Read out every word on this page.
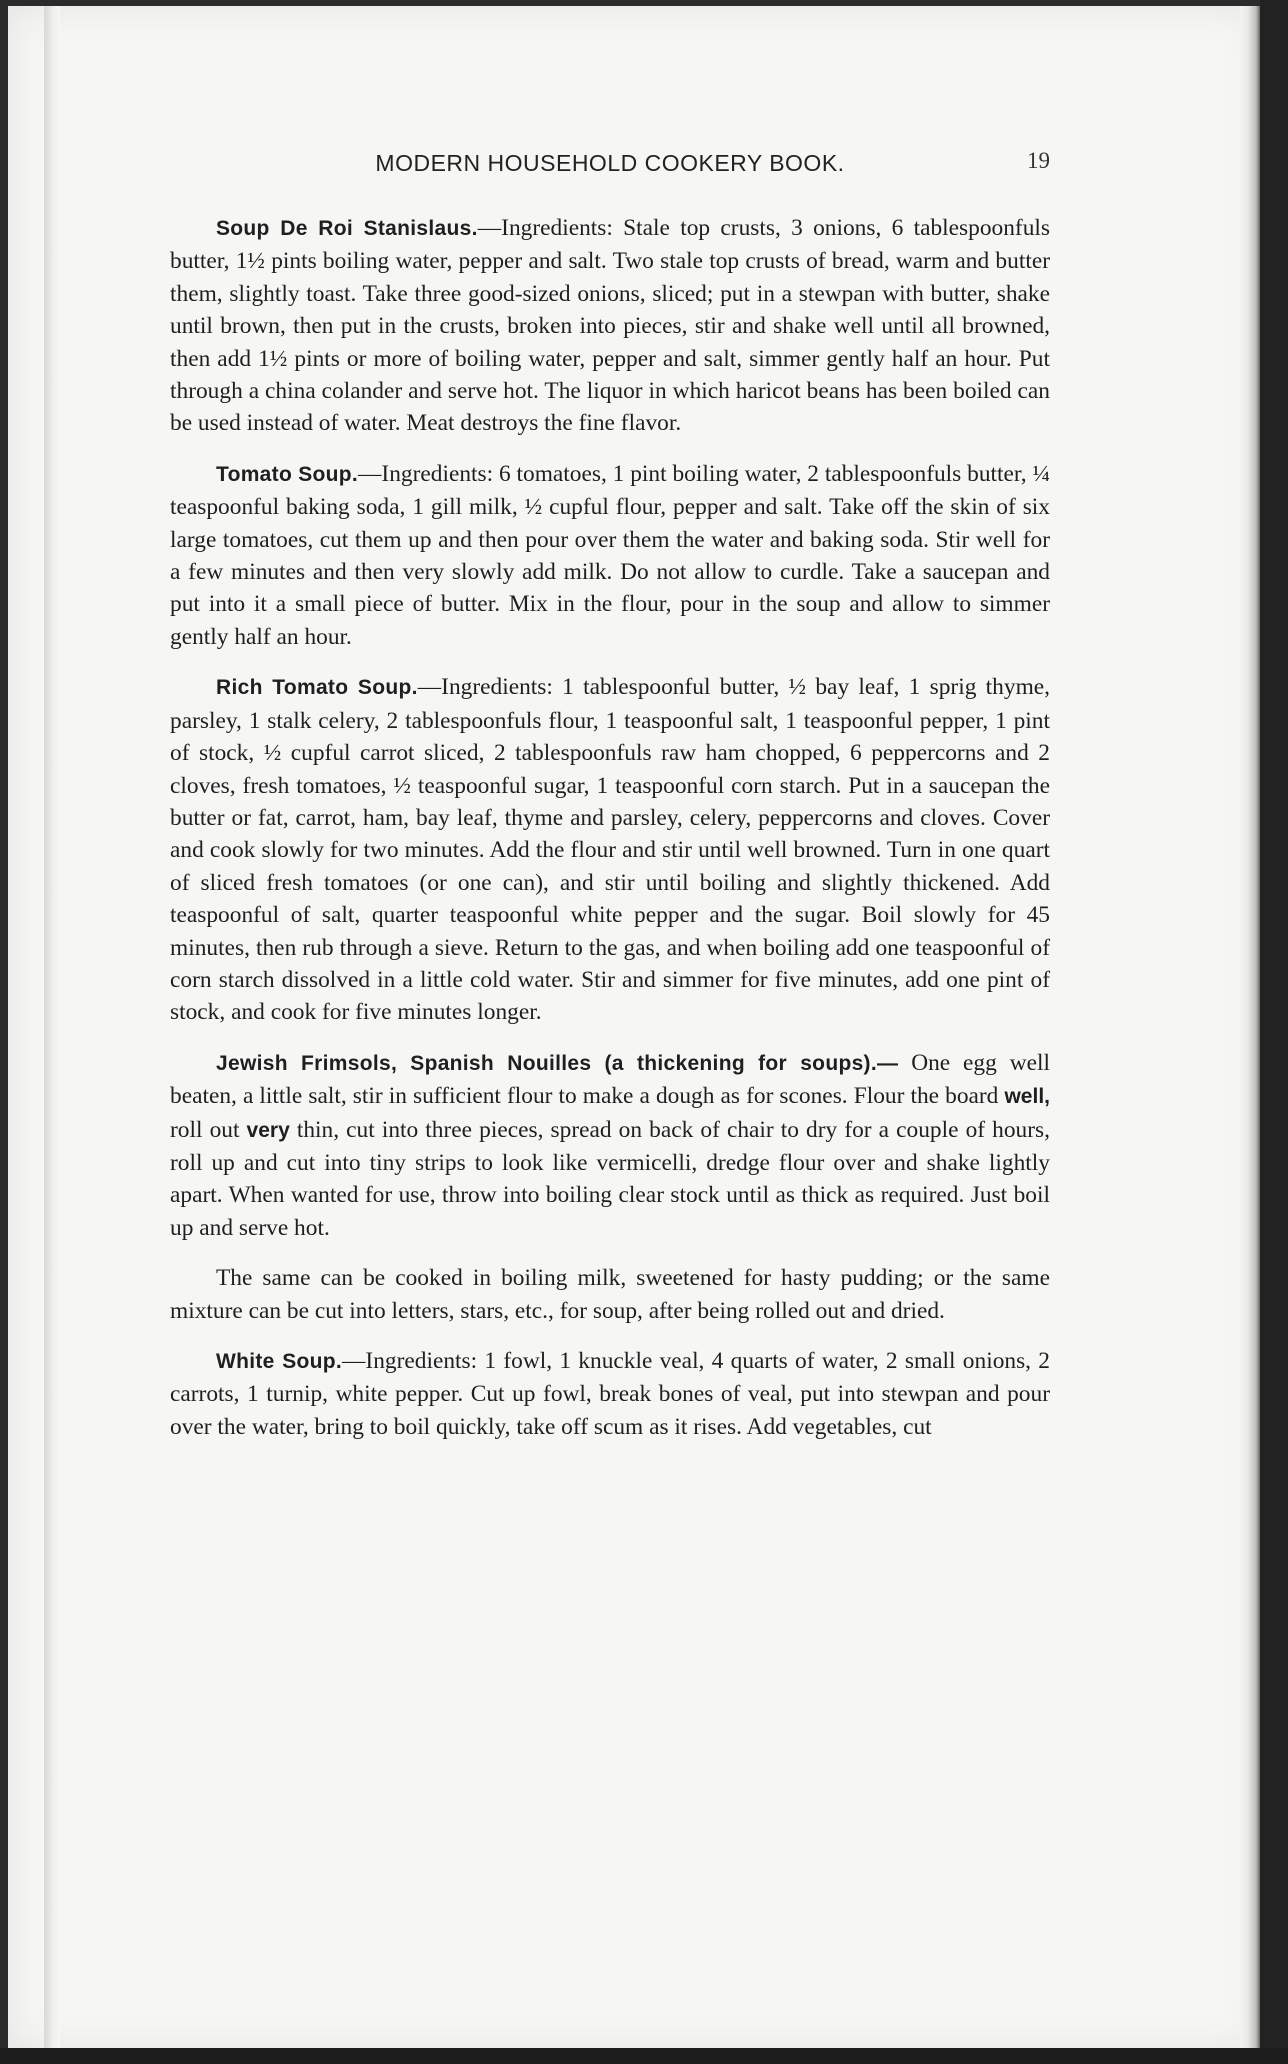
MODERN HOUSEHOLD COOKERY BOOK.	19

Soup De Roi Stanislaus.—Ingredients: Stale top crusts, 3 onions, 6 tablespoonfuls butter, 1½ pints boiling water, pepper and salt. Two stale top crusts of bread, warm and butter them, slightly toast. Take three good-sized onions, sliced; put in a stewpan with butter, shake until brown, then put in the crusts, broken into pieces, stir and shake well until all browned, then add 1½ pints or more of boiling water, pepper and salt, simmer gently half an hour. Put through a china colander and serve hot. The liquor in which haricot beans has been boiled can be used instead of water. Meat destroys the fine flavor.

Tomato Soup.—Ingredients: 6 tomatoes, 1 pint boiling water, 2 tablespoonfuls butter, ¼ teaspoonful baking soda, 1 gill milk, ½ cupful flour, pepper and salt. Take off the skin of six large tomatoes, cut them up and then pour over them the water and baking soda. Stir well for a few minutes and then very slowly add milk. Do not allow to curdle. Take a saucepan and put into it a small piece of butter. Mix in the flour, pour in the soup and allow to simmer gently half an hour.

Rich Tomato Soup.—Ingredients: 1 tablespoonful butter, ½ bay leaf, 1 sprig thyme, parsley, 1 stalk celery, 2 tablespoonfuls flour, 1 teaspoonful salt, 1 teaspoonful pepper, 1 pint of stock, ½ cupful carrot sliced, 2 tablespoonfuls raw ham chopped, 6 peppercorns and 2 cloves, fresh tomatoes, ½ teaspoonful sugar, 1 teaspoonful corn starch. Put in a saucepan the butter or fat, carrot, ham, bay leaf, thyme and parsley, celery, peppercorns and cloves. Cover and cook slowly for two minutes. Add the flour and stir until well browned. Turn in one quart of sliced fresh tomatoes (or one can), and stir until boiling and slightly thickened. Add teaspoonful of salt, quarter teaspoonful white pepper and the sugar. Boil slowly for 45 minutes, then rub through a sieve. Return to the gas, and when boiling add one teaspoonful of corn starch dissolved in a little cold water. Stir and simmer for five minutes, add one pint of stock, and cook for five minutes longer.

Jewish Frimsols, Spanish Nouilles (a thickening for soups).— One egg well beaten, a little salt, stir in sufficient flour to make a dough as for scones. Flour the board well, roll out very thin, cut into three pieces, spread on back of chair to dry for a couple of hours, roll up and cut into tiny strips to look like vermicelli, dredge flour over and shake lightly apart. When wanted for use, throw into boiling clear stock until as thick as required. Just boil up and serve hot.

The same can be cooked in boiling milk, sweetened for hasty pudding; or the same mixture can be cut into letters, stars, etc., for soup, after being rolled out and dried.

White Soup.—Ingredients: 1 fowl, 1 knuckle veal, 4 quarts of water, 2 small onions, 2 carrots, 1 turnip, white pepper. Cut up fowl, break bones of veal, put into stewpan and pour over the water, bring to boil quickly, take off scum as it rises. Add vegetables, cut
